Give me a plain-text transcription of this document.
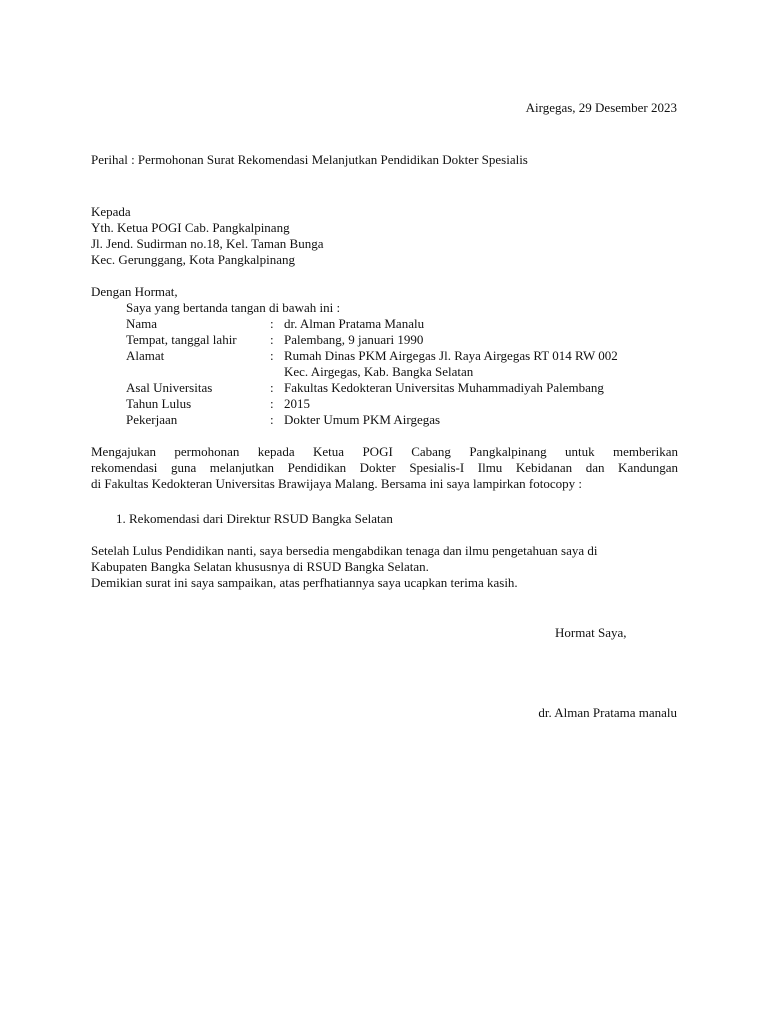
Airgegas, 29 Desember 2023
Perihal : Permohonan Surat Rekomendasi Melanjutkan Pendidikan Dokter Spesialis
Kepada
Yth. Ketua POGI Cab. Pangkalpinang
Jl. Jend. Sudirman no.18, Kel. Taman Bunga
Kec. Gerunggang, Kota Pangkalpinang
Dengan Hormat,
Saya yang bertanda tangan di bawah ini :
Nama	: dr. Alman Pratama Manalu
Tempat, tanggal lahir	: Palembang, 9 januari 1990
Alamat	: Rumah Dinas PKM Airgegas Jl. Raya Airgegas RT 014 RW 002
Kec. Airgegas, Kab. Bangka Selatan
Asal Universitas	: Fakultas Kedokteran Universitas Muhammadiyah Palembang
Tahun Lulus	: 2015
Pekerjaan	: Dokter Umum PKM Airgegas
Mengajukan permohonan kepada Ketua POGI Cabang Pangkalpinang untuk memberikan
rekomendasi guna melanjutkan Pendidikan Dokter Spesialis-I Ilmu Kebidanan dan Kandungan
di Fakultas Kedokteran Universitas Brawijaya Malang. Bersama ini saya lampirkan fotocopy :
1. Rekomendasi dari Direktur RSUD Bangka Selatan
Setelah Lulus Pendidikan nanti, saya bersedia mengabdikan tenaga dan ilmu pengetahuan saya di
Kabupaten Bangka Selatan khususnya di RSUD Bangka Selatan.
Demikian surat ini saya sampaikan, atas perfhatiannya saya ucapkan terima kasih.
Hormat Saya,
dr. Alman Pratama manalu
